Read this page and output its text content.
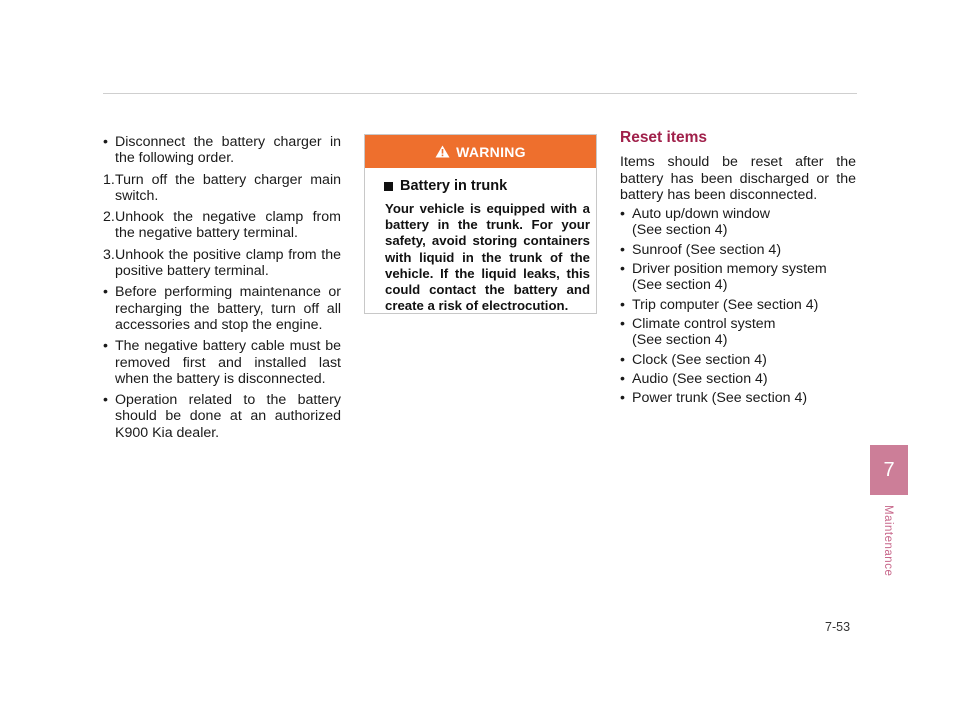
• Disconnect the battery charger in the following order.
1. Turn off the battery charger main switch.
2. Unhook the negative clamp from the negative battery terminal.
3. Unhook the positive clamp from the positive battery terminal.
• Before performing maintenance or recharging the battery, turn off all accessories and stop the engine.
• The negative battery cable must be removed first and installed last when the battery is disconnected.
• Operation related to the battery should be done at an authorized K900 Kia dealer.
WARNING
Battery in trunk
Your vehicle is equipped with a battery in the trunk. For your safety, avoid storing containers with liquid in the trunk of the vehicle. If the liquid leaks, this could contact the battery and create a risk of electrocution.
Reset items
Items should be reset after the battery has been discharged or the battery has been disconnected.
• Auto up/down window
(See section 4)
• Sunroof (See section 4)
• Driver position memory system
(See section 4)
• Trip computer (See section 4)
• Climate control system
(See section 4)
• Clock (See section 4)
• Audio (See section 4)
• Power trunk (See section 4)
7
Maintenance
7-53
